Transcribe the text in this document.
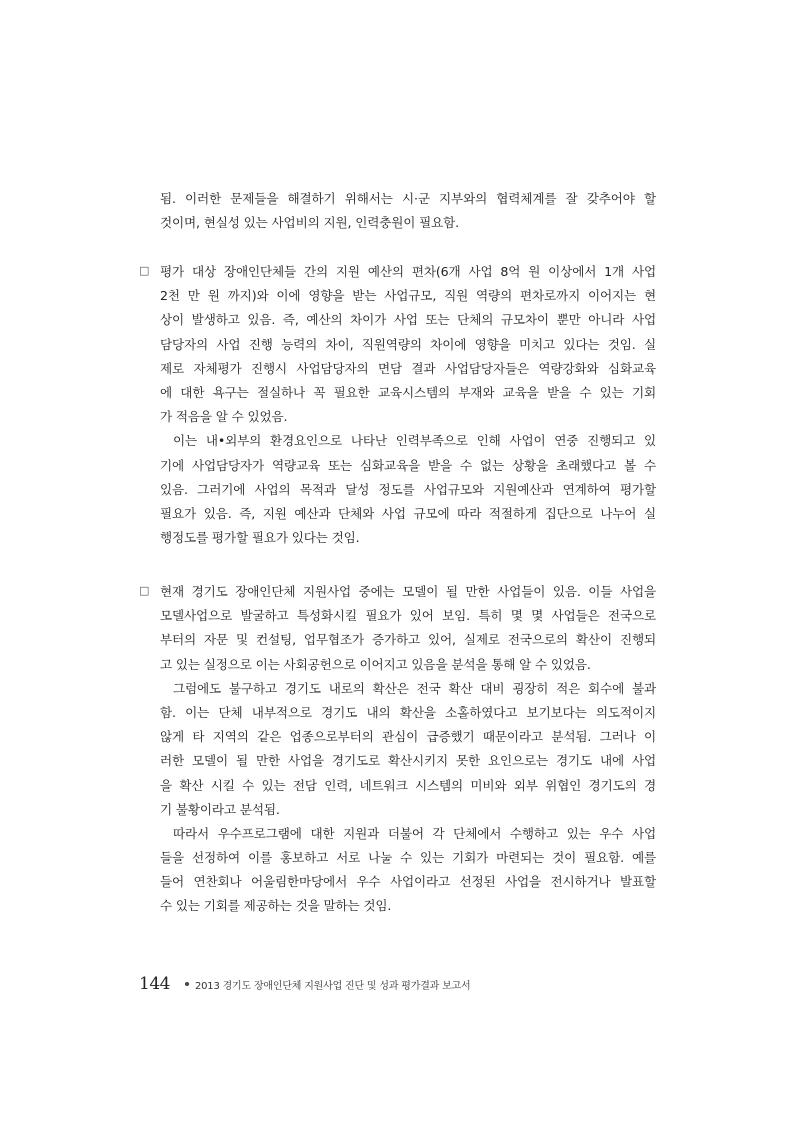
됨. 이러한 문제들을 해결하기 위해서는 시·군 지부와의 협력체계를 잘 갖추어야 할
것이며, 현실성 있는 사업비의 지원, 인력충원이 필요함.
□ 평가 대상 장애인단체들 간의 지원 예산의 편차(6개 사업 8억 원 이상에서 1개 사업
2천 만 원 까지)와 이에 영향을 받는 사업규모, 직원 역량의 편차로까지 이어지는 현
상이 발생하고 있음. 즉, 예산의 차이가 사업 또는 단체의 규모차이 뿐만 아니라 사업
담당자의 사업 진행 능력의 차이, 직원역량의 차이에 영향을 미치고 있다는 것임. 실
제로 자체평가 진행시 사업담당자의 면담 결과 사업담당자들은 역량강화와 심화교육
에 대한 욕구는 절실하나 꼭 필요한 교육시스템의 부재와 교육을 받을 수 있는 기회
가 적음을 알 수 있었음.
이는 내•외부의 환경요인으로 나타난 인력부족으로 인해 사업이 연중 진행되고 있
기에 사업담당자가 역량교육 또는 심화교육을 받을 수 없는 상황을 초래했다고 볼 수
있음. 그러기에 사업의 목적과 달성 정도를 사업규모와 지원예산과 연계하여 평가할
필요가 있음. 즉, 지원 예산과 단체와 사업 규모에 따라 적절하게 집단으로 나누어 실
행정도를 평가할 필요가 있다는 것임.
□ 현재 경기도 장애인단체 지원사업 중에는 모델이 될 만한 사업들이 있음. 이들 사업을
모델사업으로 발굴하고 특성화시킬 필요가 있어 보임. 특히 몇 몇 사업들은 전국으로
부터의 자문 및 컨설팅, 업무협조가 증가하고 있어, 실제로 전국으로의 확산이 진행되
고 있는 실정으로 이는 사회공헌으로 이어지고 있음을 분석을 통해 알 수 있었음.
그럼에도 불구하고 경기도 내로의 확산은 전국 확산 대비 굉장히 적은 회수에 불과
함. 이는 단체 내부적으로 경기도 내의 확산을 소홀하였다고 보기보다는 의도적이지
않게 타 지역의 같은 업종으로부터의 관심이 급증했기 때문이라고 분석됨. 그러나 이
러한 모델이 될 만한 사업을 경기도로 확산시키지 못한 요인으로는 경기도 내에 사업
을 확산 시킬 수 있는 전담 인력, 네트워크 시스템의 미비와 외부 위협인 경기도의 경
기 불황이라고 분석됨.
따라서 우수프로그램에 대한 지원과 더불어 각 단체에서 수행하고 있는 우수 사업
들을 선정하여 이를 홍보하고 서로 나눌 수 있는 기회가 마련되는 것이 필요함. 예를
들어 연찬회나 어울림한마당에서 우수 사업이라고 선정된 사업을 전시하거나 발표할
수 있는 기회를 제공하는 것을 말하는 것임.
144	2013 경기도 장애인단체 지원사업 진단 및 성과 평가결과 보고서
